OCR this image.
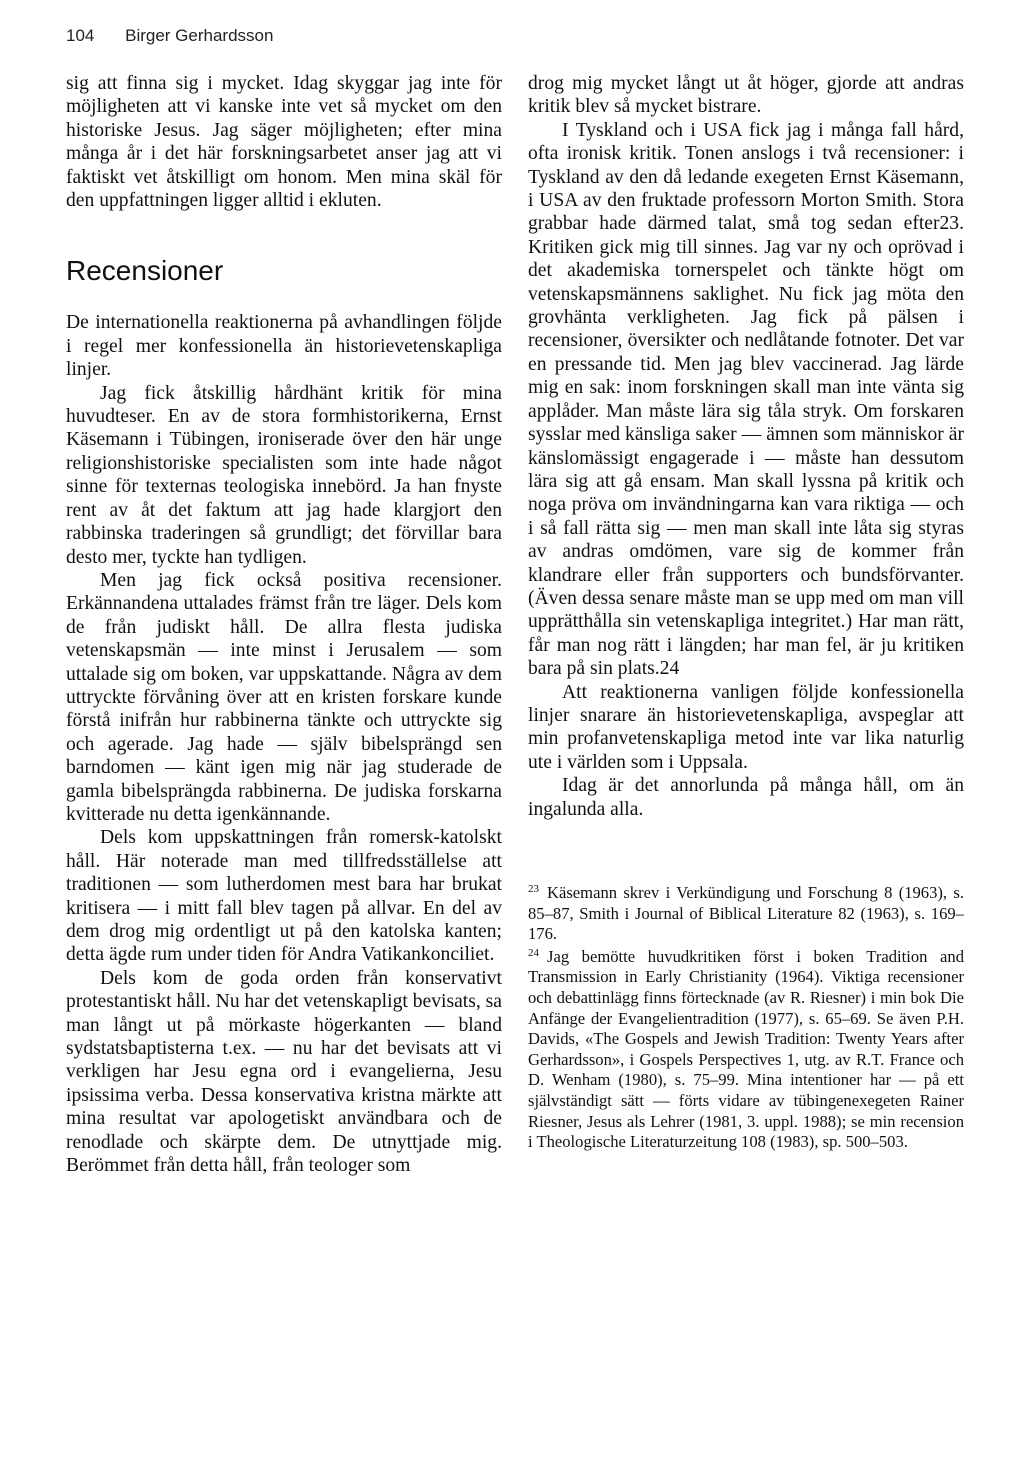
104 Birger Gerhardsson

sig att finna sig i mycket. Idag skyggar jag inte för möjligheten att vi kanske inte vet så mycket om den historiske Jesus. Jag säger möjligheten; efter mina många år i det här forskningsarbetet anser jag att vi faktiskt vet åtskilligt om honom. Men mina skäl för den uppfattningen ligger alltid i ekluten.

Recensioner

De internationella reaktionerna på avhandlingen följde i regel mer konfessionella än historievetenskapliga linjer.

Jag fick åtskillig hårdhänt kritik för mina huvudteser. En av de stora formhistorikerna, Ernst Käsemann i Tübingen, ironiserade över den här unge religionshistoriske specialisten som inte hade något sinne för texternas teologiska innebörd. Ja han fnyste rent av åt det faktum att jag hade klargjort den rabbinska traderingen så grundligt; det förvillar bara desto mer, tyckte han tydligen.

Men jag fick också positiva recensioner. Erkännandena uttalades främst från tre läger. Dels kom de från judiskt håll. De allra flesta judiska vetenskapsmän — inte minst i Jerusalem — som uttalade sig om boken, var uppskattande. Några av dem uttryckte förvåning över att en kristen forskare kunde förstå inifrån hur rabbinerna tänkte och uttryckte sig och agerade. Jag hade — själv bibelsprängd sen barndomen — känt igen mig när jag studerade de gamla bibelsprängda rabbinerna. De judiska forskarna kvitterade nu detta igenkännande.

Dels kom uppskattningen från romersk-katolskt håll. Här noterade man med tillfredsställelse att traditionen — som lutherdomen mest bara har brukat kritisera — i mitt fall blev tagen på allvar. En del av dem drog mig ordentligt ut på den katolska kanten; detta ägde rum under tiden för Andra Vatikankonciliet.

Dels kom de goda orden från konservativt protestantiskt håll. Nu har det vetenskapligt bevisats, sa man långt ut på mörkaste högerkanten — bland sydstatsbaptisterna t.ex. — nu har det bevisats att vi verkligen har Jesu egna ord i evangelierna, Jesu ipsissima verba. Dessa konservativa kristna märkte att mina resultat var apologetiskt användbara och de renodlade och skärpte dem. De utnyttjade mig. Berömmet från detta håll, från teologer som

drog mig mycket långt ut åt höger, gjorde att andras kritik blev så mycket bistrare.

I Tyskland och i USA fick jag i många fall hård, ofta ironisk kritik. Tonen anslogs i två recensioner: i Tyskland av den då ledande exegeten Ernst Käsemann, i USA av den fruktade professorn Morton Smith. Stora grabbar hade därmed talat, små tog sedan efter23. Kritiken gick mig till sinnes. Jag var ny och oprövad i det akademiska tornerspelet och tänkte högt om vetenskapsmännens saklighet. Nu fick jag möta den grovhänta verkligheten. Jag fick på pälsen i recensioner, översikter och nedlåtande fotnoter. Det var en pressande tid. Men jag blev vaccinerad. Jag lärde mig en sak: inom forskningen skall man inte vänta sig applåder. Man måste lära sig tåla stryk. Om forskaren sysslar med känsliga saker — ämnen som människor är känslomässigt engagerade i — måste han dessutom lära sig att gå ensam. Man skall lyssna på kritik och noga pröva om invändningarna kan vara riktiga — och i så fall rätta sig — men man skall inte låta sig styras av andras omdömen, vare sig de kommer från klandrare eller från supporters och bundsförvanter. (Även dessa senare måste man se upp med om man vill upprätthålla sin vetenskapliga integritet.) Har man rätt, får man nog rätt i längden; har man fel, är ju kritiken bara på sin plats.24

Att reaktionerna vanligen följde konfessionella linjer snarare än historievetenskapliga, avspeglar att min profanvetenskapliga metod inte var lika naturlig ute i världen som i Uppsala.

Idag är det annorlunda på många håll, om än ingalunda alla.

$^{23}$ Käsemann skrev i Verkündigung und Forschung 8 (1963), s. 85–87, Smith i Journal of Biblical Literature 82 (1963), s. 169–176.

$^{24}$ Jag bemötte huvudkritiken först i boken Tradition and Transmission in Early Christianity (1964). Viktiga recensioner och debattinlägg finns förtecknade (av R. Riesner) i min bok Die Anfänge der Evangelientradition (1977), s. 65–69. Se även P.H. Davids, «The Gospels and Jewish Tradition: Twenty Years after Gerhardsson», i Gospels Perspectives 1, utg. av R.T. France och D. Wenham (1980), s. 75–99. Mina intentioner har — på ett självständigt sätt — förts vidare av tübingenexegeten Rainer Riesner, Jesus als Lehrer (1981, 3. uppl. 1988); se min recension i Theologische Literaturzeitung 108 (1983), sp. 500–503.
